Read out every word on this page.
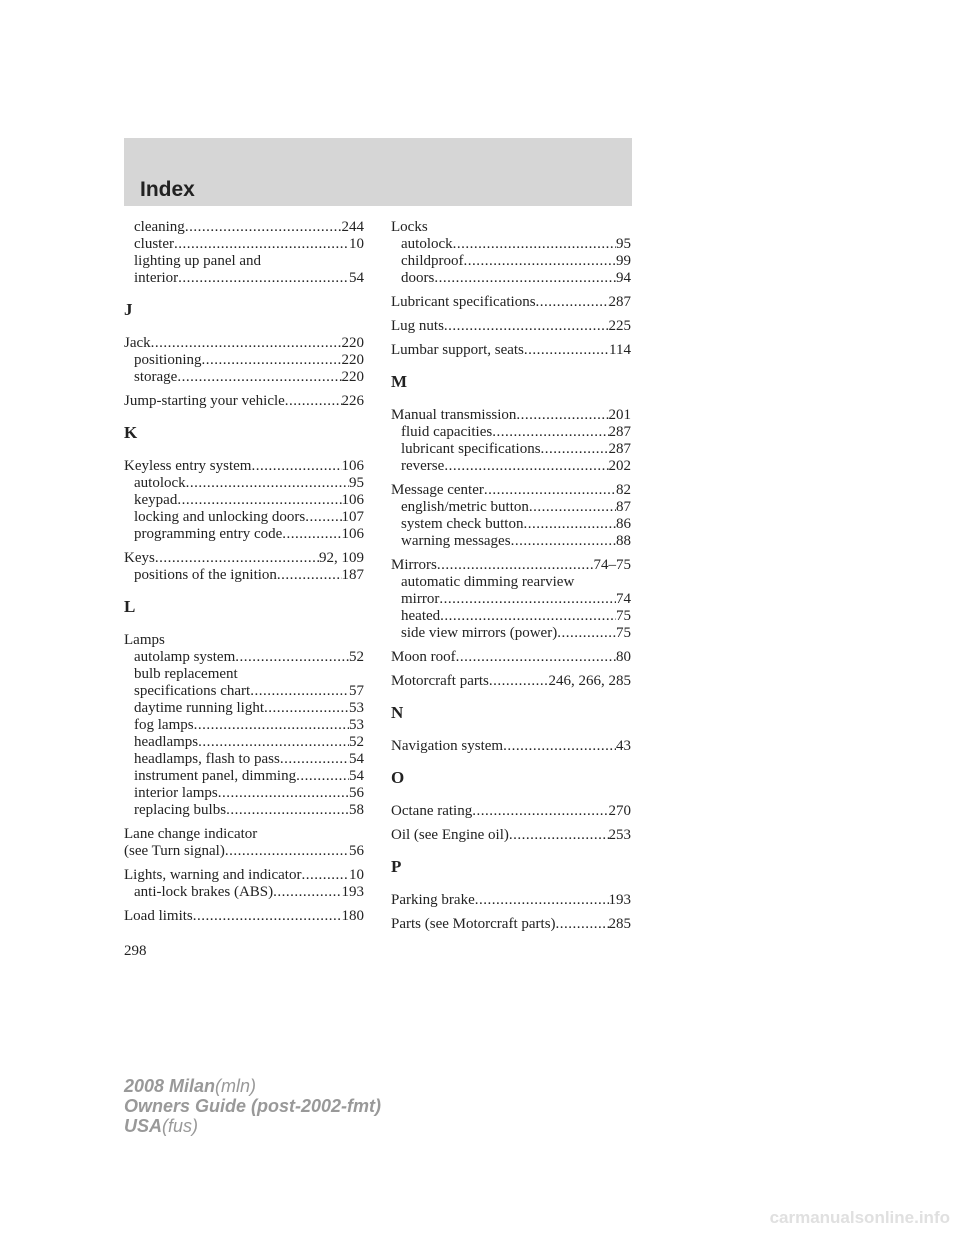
Index
cleaning .....	244
cluster .....	10
lighting up panel and
interior .....	54
J
Jack .....	220
positioning .....	220
storage .....	220
Jump-starting your vehicle .....	226
K
Keyless entry system .....	106
autolock .....	95
keypad .....	106
locking and unlocking doors ..... 107
programming entry code .....	106
Keys .....	92, 109
positions of the ignition .....	187
L
Lamps
autolamp system .....	52
bulb replacement
specifications chart .....	57
daytime running light .....	53
fog lamps .....	53
headlamps .....	52
headlamps, flash to pass .....	54
instrument panel, dimming .....	54
interior lamps .....	56
replacing bulbs .....	58
Lane change indicator
(see Turn signal) .....	56
Lights, warning and indicator .....	10
anti-lock brakes (ABS) .....	193
Load limits .....	180
Locks
autolock .....	95
childproof .....	99
doors .....	94
Lubricant specifications .....	287
Lug nuts .....	225
Lumbar support, seats .....	114
M
Manual transmission .....	201
fluid capacities .....	287
lubricant specifications .....	287
reverse .....	202
Message center .....	82
english/metric button .....	87
system check button .....	86
warning messages .....	88
Mirrors .....	74–75
automatic dimming rearview
mirror .....	74
heated .....	75
side view mirrors (power) .....	75
Moon roof .....	80
Motorcraft parts .....	246, 266, 285
N
Navigation system .....	43
O
Octane rating .....	270
Oil (see Engine oil) .....	253
P
Parking brake .....	193
Parts (see Motorcraft parts) .....	285
298
2008 Milan(mln)
Owners Guide (post-2002-fmt)
USA(fus)
carmanualsonline.info
